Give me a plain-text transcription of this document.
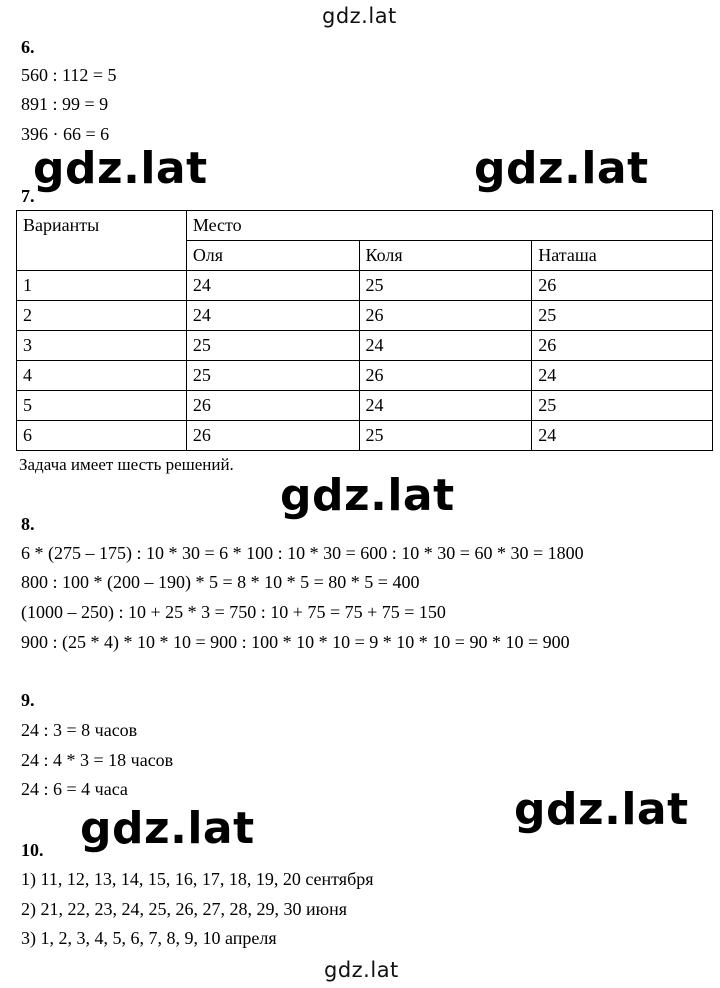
gdz.lat
6.
560 : 112 = 5
891 : 99 = 9
396 · 66 = 6
gdz.lat	gdz.lat
7.
Варианты	Место		
	Оля	Коля	Наташа
1	24	25	26
2	24	26	25
3	25	24	26
4	25	26	24
5	26	24	25
6	26	25	24
Задача имеет шесть решений.
gdz.lat
8.
6 * (275 – 175) : 10 * 30 = 6 * 100 : 10 * 30 = 600 : 10 * 30 = 60 * 30 = 1800
800 : 100 * (200 – 190) * 5 = 8 * 10 * 5 = 80 * 5 = 400
(1000 – 250) : 10 + 25 * 3 = 750 : 10 + 75 = 75 + 75 = 150
900 : (25 * 4) * 10 * 10 = 900 : 100 * 10 * 10 = 9 * 10 * 10 = 90 * 10 = 900
9.
24 : 3 = 8 часов
24 : 4 * 3 = 18 часов
24 : 6 = 4 часа	gdz.lat
gdz.lat
10.
1) 11, 12, 13, 14, 15, 16, 17, 18, 19, 20 сентября
2) 21, 22, 23, 24, 25, 26, 27, 28, 29, 30 июня
3) 1, 2, 3, 4, 5, 6, 7, 8, 9, 10 апреля
gdz.lat
